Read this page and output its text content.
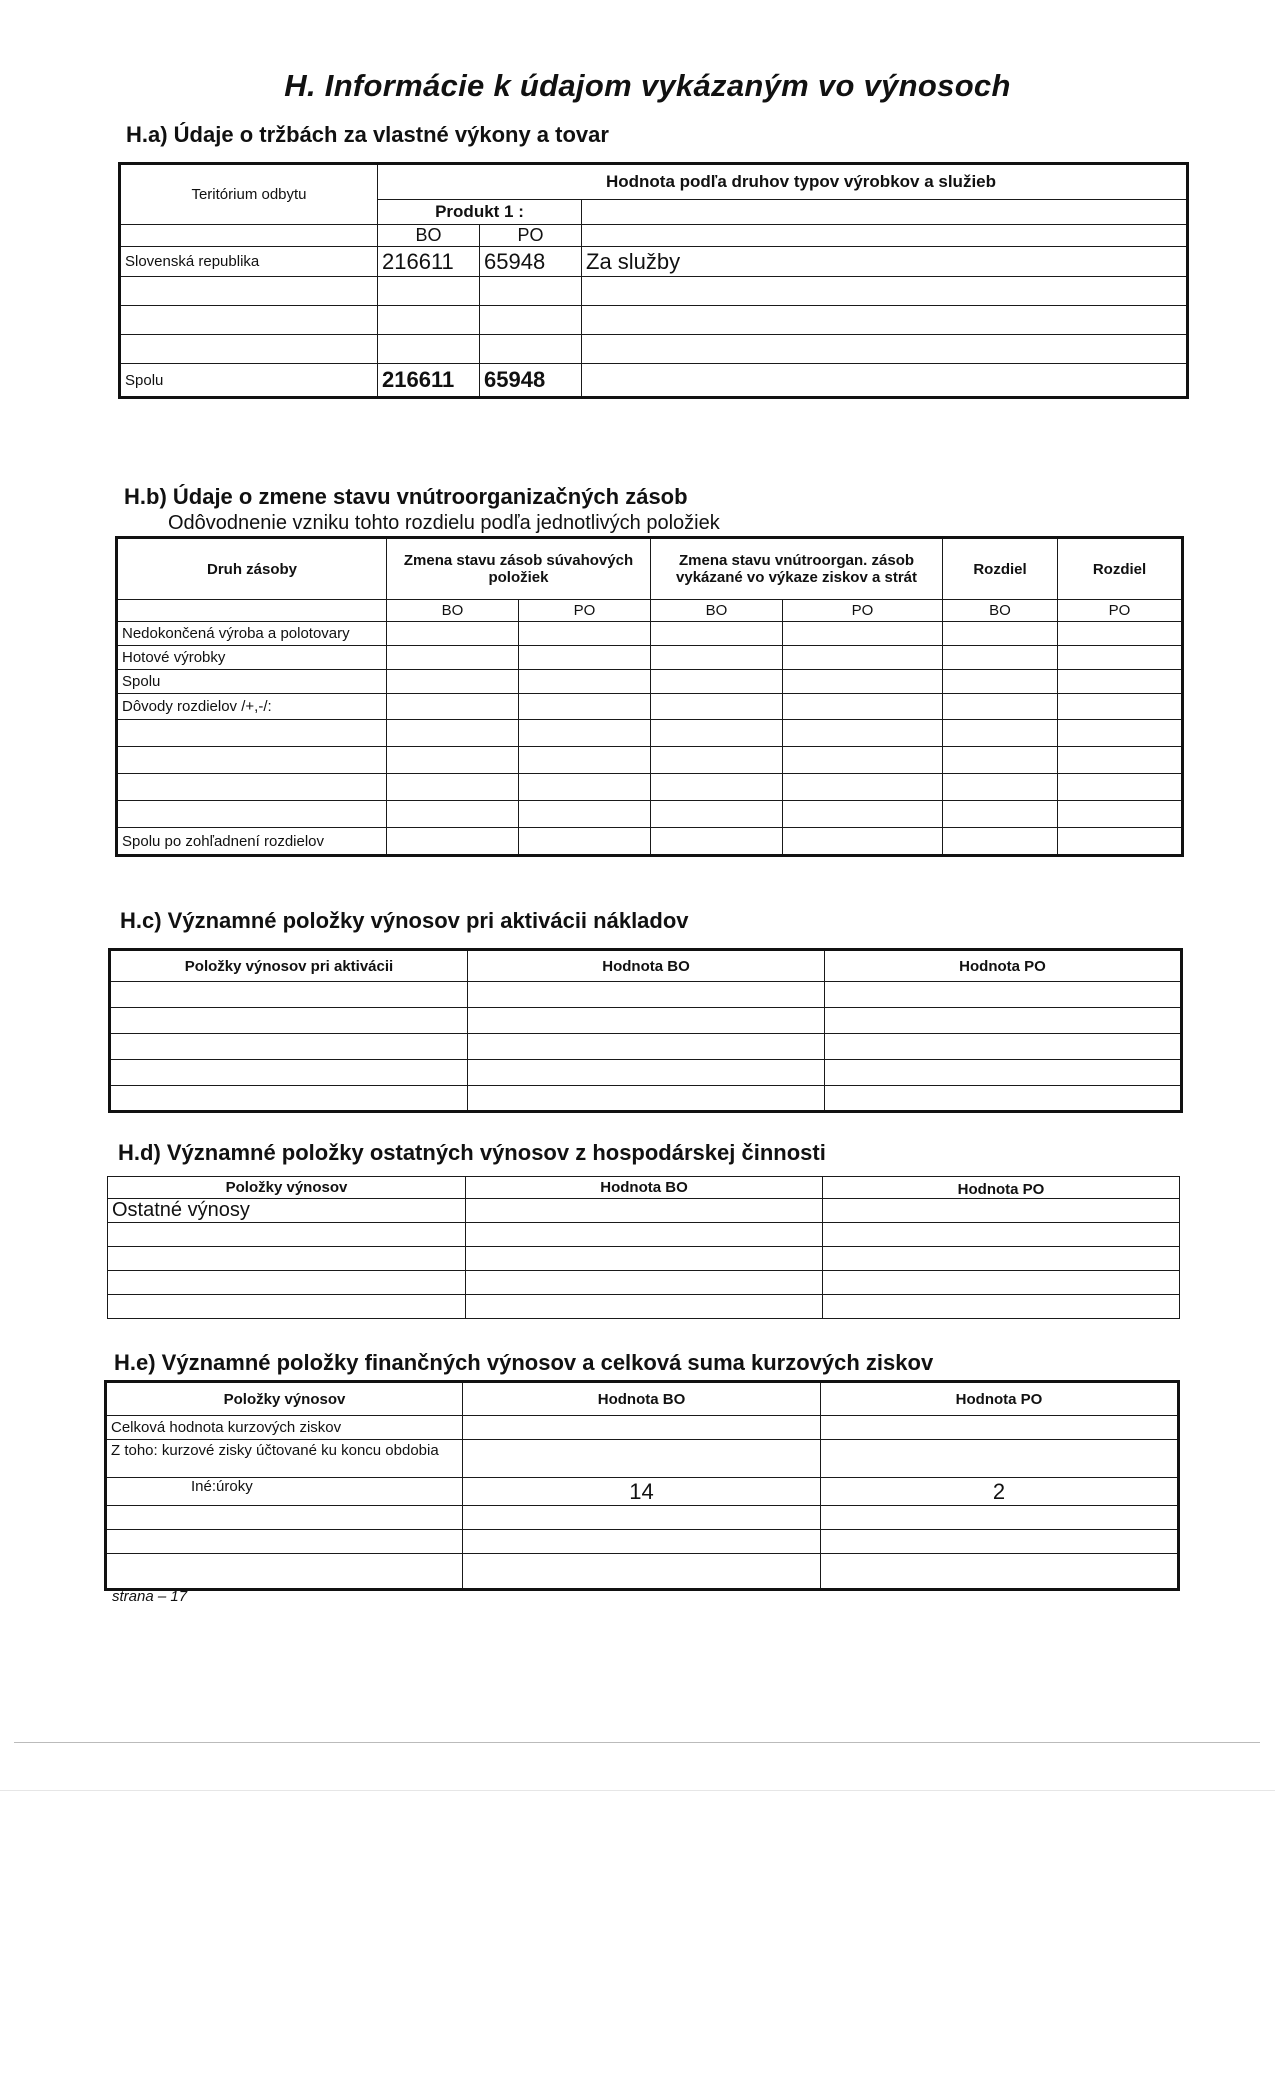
H. Informácie k údajom vykázaným vo výnosoch
H.a) Údaje o tržbách za vlastné výkony a tovar
Teritórium odbytu	Hodnota podľa druhov typov výrobkov a služieb		
	Produkt 1 :		
	BO	PO	
Slovenská republika	216611	65948	Za služby

Spolu	216611	65948	
H.b) Údaje o zmene stavu vnútroorganizačných zásob
Odôvodnenie vzniku tohto rozdielu podľa jednotlivých položiek
Druh zásoby	Zmena stavu zásob súvahových položiek		Zmena stavu vnútroorgan. zásob vykázané vo výkaze ziskov a strát		Rozdiel	Rozdiel
	BO	PO	BO	PO	BO	PO
Nedokončená výroba a polotovary						
Hotové výrobky						
Spolu						
Dôvody rozdielov /+,-/:						

Spolu po zohľadnení rozdielov						
H.c) Významné položky výnosov pri aktivácii nákladov
Položky výnosov pri aktivácii	Hodnota BO	Hodnota PO

H.d) Významné položky ostatných výnosov z hospodárskej činnosti
Položky výnosov	Hodnota BO	Hodnota PO
Ostatné výnosy		

H.e) Významné položky finančných výnosov a celková suma kurzových ziskov
Položky výnosov	Hodnota BO	Hodnota PO
Celková hodnota kurzových ziskov		
Z toho: kurzové zisky účtované ku koncu obdobia		
Iné:úroky	14	2

strana – 17
